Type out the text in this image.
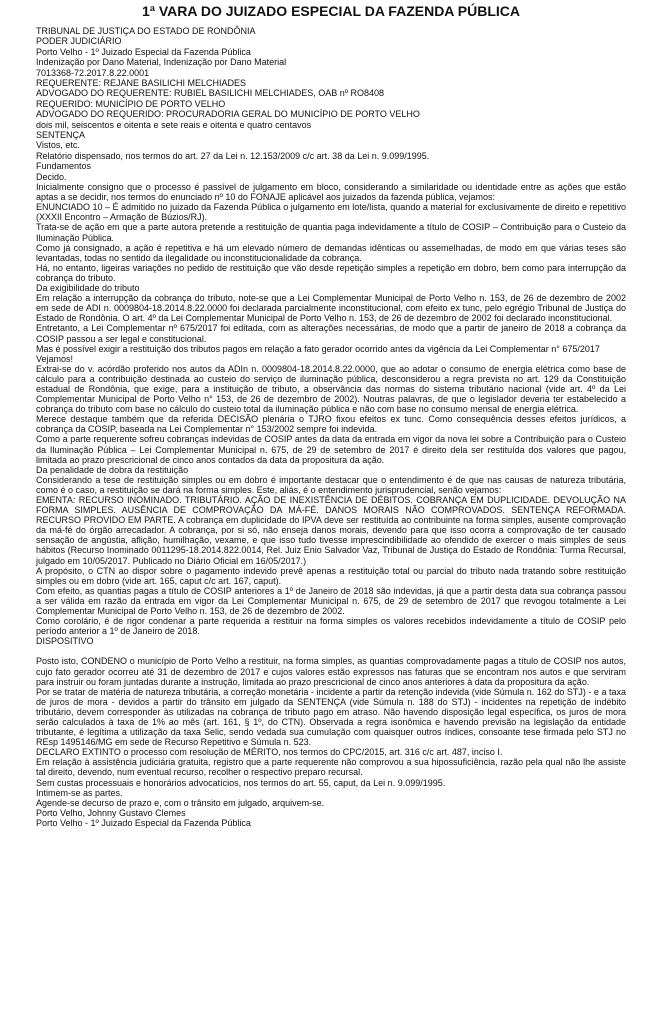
1ª VARA DO JUIZADO ESPECIAL DA FAZENDA PÚBLICA
TRIBUNAL DE JUSTIÇA DO ESTADO DE RONDÔNIA
PODER JUDICIÁRIO
Porto Velho - 1º Juizado Especial da Fazenda Pública
Indenização por Dano Material, Indenização por Dano Material
7013368-72.2017.8.22.0001
REQUERENTE: REJANE BASILICHI MELCHIADES
ADVOGADO DO REQUERENTE: RUBIEL BASILICHI MELCHIADES, OAB nº RO8408
REQUERIDO: MUNICÍPIO DE PORTO VELHO
ADVOGADO DO REQUERIDO: PROCURADORIA GERAL DO MUNICÍPIO DE PORTO VELHO
dois mil, seiscentos e oitenta e sete reais e oitenta e quatro centavos
SENTENÇA
Vistos, etc.
Relatório dispensado, nos termos do art. 27 da Lei n. 12.153/2009 c/c art. 38 da Lei n. 9.099/1995.
Fundamentos
Decido.

Inicialmente consigno que o processo é passível de julgamento em bloco, considerando a similaridade ou identidade entre as ações que estão aptas a se decidir, nos termos do enunciado nº 10 do FONAJE aplicável aos juizados da fazenda pública, vejamos:

ENUNCIADO 10 – É admitido no juizado da Fazenda Pública o julgamento em lote/lista, quando a material for exclusivamente de direito e repetitivo (XXXII Encontro – Armação de Búzios/RJ).

Trata-se de ação em que a parte autora pretende a restituição de quantia paga indevidamente a título de COSIP – Contribuição para o Custeio da Iluminação Pública.

Como já consignado, a ação é repetitiva e há um elevado número de demandas idênticas ou assemelhadas, de modo em que várias teses são levantadas, todas no sentido da ilegalidade ou inconstitucionalidade da cobrança.

Há, no entanto, ligeiras variações no pedido de restituição que vão desde repetição simples a repetição em dobro, bem como para interrupção da cobrança do tributo.

Da exigibilidade do tributo

Em relação a interrupção da cobrança do tributo, note-se que a Lei Complementar Municipal de Porto Velho n. 153, de 26 de dezembro de 2002 em sede de ADI n. 0009804-18.2014.8.22.0000 foi declarada parcialmente inconstitucional, com efeito ex tunc, pelo egrégio Tribunal de Justiça do Estado de Rondônia. O art. 4º da Lei Complementar Municipal de Porto Velho n. 153, de 26 de dezembro de 2002 foi declarado inconstitucional.

Entretanto, a Lei Complementar nº 675/2017 foi editada, com as alterações necessárias, de modo que a partir de janeiro de 2018 a cobrança da COSIP passou a ser legal e constitucional.

Mas é possível exigir a restituição dos tributos pagos em relação a fato gerador ocorrido antes da vigência da Lei Complementar n° 675/2017

Vejamos!

Extrai-se do v. acórdão proferido nos autos da ADIn n. 0009804-18.2014.8.22.0000, que ao adotar o consumo de energia elétrica como base de cálculo para a contribuição destinada ao custeio do serviço de iluminação pública, desconsiderou a regra prevista no art. 129 da Constituição estadual de Rondônia, que exige, para a instituição de tributo, a observância das normas do sistema tributário nacional (vide art. 4º da Lei Complementar Municipal de Porto Velho n° 153, de 26 de dezembro de 2002). Noutras palavras, de que o legislador deveria ter estabelecido a cobrança do tributo com base no cálculo do custeio total da iluminação pública e não com base no consumo mensal de energia elétrica.

Merece destaque também que da referida DECISÃO plenária o TJRO fixou efeitos ex tunc. Como consequência desses efeitos jurídicos, a cobrança da COSIP, baseada na Lei Complementar n° 153/2002 sempre foi indevida.

Como a parte requerente sofreu cobranças indevidas de COSIP antes da data da entrada em vigor da nova lei sobre a Contribuição para o Custeio da Iluminação Pública – Lei Complementar Municipal n. 675, de 29 de setembro de 2017 é direito dela ser restituída dos valores que pagou, limitada ao prazo prescricional de cinco anos contados da data da propositura da ação.

Da penalidade de dobra da restituição

Considerando a tese de restituição simples ou em dobro é importante destacar que o entendimento é de que nas causas de natureza tributária, como é o caso, a restituição se dará na forma simples. Este, aliás, é o entendimento jurisprudencial, senão vejamos:

EMENTA: RECURSO INOMINADO. TRIBUTÁRIO. AÇÃO DE INEXISTÊNCIA DE DÉBITOS. COBRANÇA EM DUPLICIDADE. DEVOLUÇÃO NA FORMA SIMPLES. AUSÊNCIA DE COMPROVAÇÃO DA MÁ-FÉ. DANOS MORAIS NÃO COMPROVADOS. SENTENÇA REFORMADA. RECURSO PROVIDO EM PARTE. A cobrança em duplicidade do IPVA deve ser restituída ao contribuinte na forma simples, ausente comprovação da má-fé do órgão arrecadador. A cobrança, por si só, não enseja danos morais, devendo para que isso ocorra a comprovação de ter causado sensação de angústia, aflição, humilhação, vexame, e que isso tudo tivesse imprescindibilidade ao ofendido de exercer o mais simples de seus hábitos (Recurso Inominado 0011295-18.2014.822.0014, Rel. Juiz Enio Salvador Vaz, Tribunal de Justiça do Estado de Rondônia: Turma Recursal, julgado em 10/05/2017. Publicado no Diário Oficial em 16/05/2017.)

A propósito, o CTN ao dispor sobre o pagamento indevido prevê apenas a restituição total ou parcial do tributo nada tratando sobre restituição simples ou em dobro (vide art. 165, caput c/c art. 167, caput).

Com efeito, as quantias pagas a título de COSIP anteriores a 1º de Janeiro de 2018 são indevidas, já que a partir desta data sua cobrança passou a ser válida em razão da entrada em vigor da Lei Complementar Municipal n. 675, de 29 de setembro de 2017 que revogou totalmente a Lei Complementar Municipal de Porto Velho n. 153, de 26 de dezembro de 2002.

Como corolário, é de rigor condenar a parte requerida a restituir na forma simples os valores recebidos indevidamente a título de COSIP pelo período anterior a 1º de Janeiro de 2018.

DISPOSITIVO

Posto isto, CONDENO o município de Porto Velho a restituir, na forma simples, as quantias comprovadamente pagas a título de COSIP nos autos, cujo fato gerador ocorreu até 31 de dezembro de 2017 e cujos valores estão expressos nas faturas que se encontram nos autos e que serviram para instruir ou foram juntadas durante a instrução, limitada ao prazo prescricional de cinco anos anteriores à data da propositura da ação.

Por se tratar de matéria de natureza tributária, a correção monetária - incidente a partir da retenção indevida (vide Súmula n. 162 do STJ) - e a taxa de juros de mora - devidos a partir do trânsito em julgado da SENTENÇA (vide Súmula n. 188 do STJ) - incidentes na repetição de indébito tributário, devem corresponder às utilizadas na cobrança de tributo pago em atraso. Não havendo disposição legal específica, os juros de mora serão calculados à taxa de 1% ao mês (art. 161, § 1º, do CTN). Observada a regra isonômica e havendo previsão na legislação da entidade tributante, é legítima a utilização da taxa Selic, sendo vedada sua cumulação com quaisquer outros índices, consoante tese firmada pelo STJ no REsp 1495146/MG em sede de Recurso Repetitivo e Súmula n. 523.

DECLARO EXTINTO o processo com resolução de MÉRITO, nos termos do CPC/2015, art. 316 c/c art. 487, inciso I.

Em relação à assistência judiciária gratuita, registro que a parte requerente não comprovou a sua hipossuficiência, razão pela qual não lhe assiste tal direito, devendo, num eventual recurso, recolher o respectivo preparo recursal.

Sem custas processuais e honorários advocatícios, nos termos do art. 55, caput, da Lei n. 9.099/1995.

Intimem-se as partes.

Agende-se decurso de prazo e, com o trânsito em julgado, arquivem-se.

Porto Velho, Johnny Gustavo Clemes

Porto Velho - 1º Juizado Especial da Fazenda Pública
